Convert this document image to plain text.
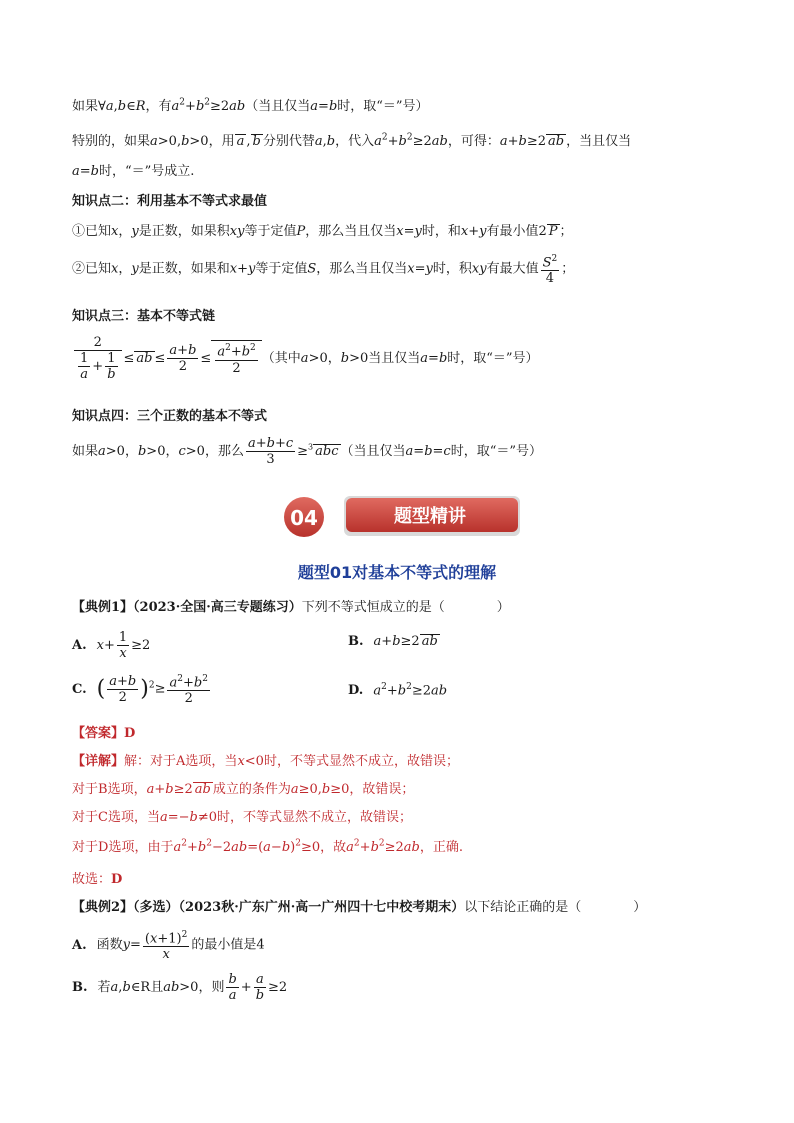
如果∀a,b∈R，有$a^2+b^2\ge 2ab$（当且仅当a=b时，取“＝”号）
特别的，如果a>0,b>0，用 a , b 分别代替a,b，代入$a^2+b^2\ge 2ab$，可得：a+b≥2 ab ，当且仅当
a=b时，“＝”号成立.
知识点二：利用基本不等式求最值
①已知x，y是正数，如果积xy等于定值P，那么当且仅当x=y时，和x+y有最小值2 P ；
②已知x，y是正数，如果和x+y等于定值S，那么当且仅当x=y时，积xy有最大值 $\frac{S^2}{4}$ ；
知识点三：基本不等式链
$\frac{2}{\frac{1}{a} + \frac{1}{b}}$ ≤ ab ≤ $\frac{a+b}{2} \le \frac{a^2+b^2}{2}$ （其中a>0，b>0当且仅当a=b时，取“＝”号）
知识点四：三个正数的基本不等式
如果a>0，b>0，c>0，那么 $\frac{a+b+c}{3} \ge^3$ abc （当且仅当a=b=c时，取“＝”号）
04	题型精讲
题型01对基本不等式的理解
【典例1】（2023·全国·高三专题练习）下列不等式恒成立的是（　　　　）
A. $x+ \frac{1}{x} \ge 2$	B. a+b≥2 ab
C. ( $\frac{a+b}{2} )^2\ge \frac{a^2+b^2}{2}$	D. $a^2+b^2\ge 2ab$
【答案】D
【详解】解：对于A选项，当x<0时，不等式显然不成立，故错误；
对于B选项，a+b≥2 ab 成立的条件为a≥0,b≥0，故错误；
对于C选项，当a=−b≠0时，不等式显然不成立，故错误；
对于D选项，由于$a^2+b^2-2ab=(a-b)^2\ge 0$，故$a^2+b^2\ge 2ab$，正确.
故选：D
【典例2】（多选）（2023秋·广东广州·高一广州四十七中校考期末）以下结论正确的是（　　　　）
A. 函数$y= \frac{(x+1)^2}{x}$ 的最小值是4
B. 若a,b∈R且ab>0，则 $\frac{b}{a} + \frac{a}{b} \ge 2$
